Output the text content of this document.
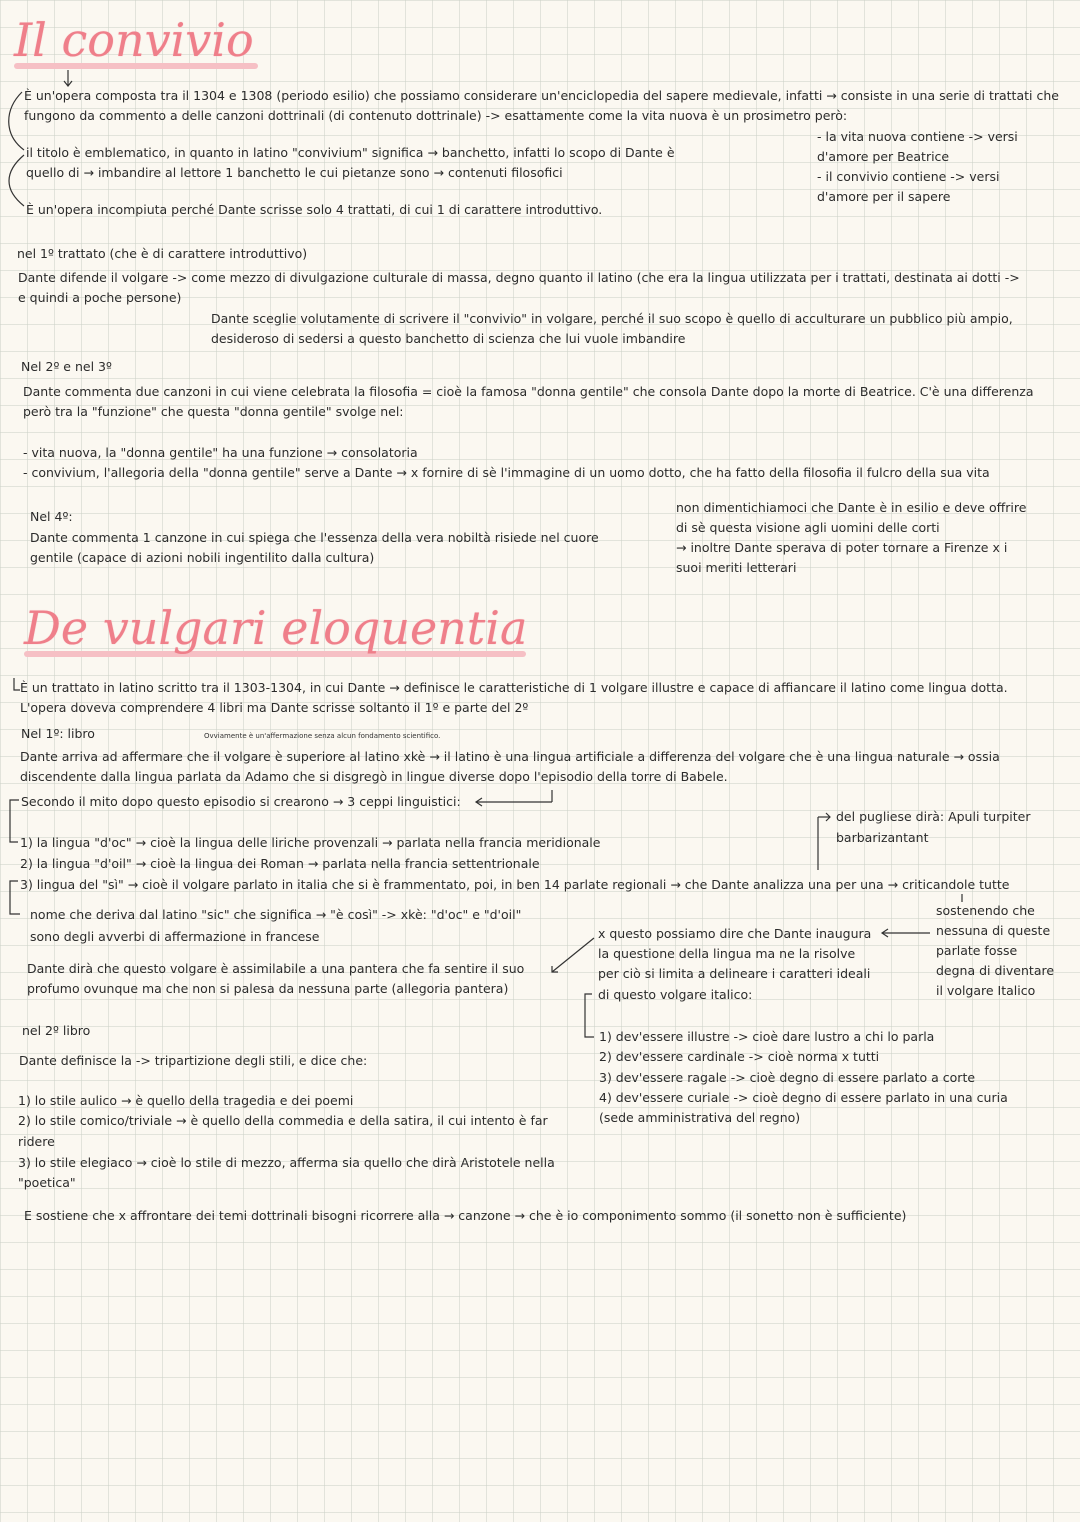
Il convivio
È un'opera composta tra il 1304 e 1308 (periodo esilio) che possiamo considerare un'enciclopedia del sapere medievale, infatti → consiste in una serie di trattati che
fungono da commento a delle canzoni dottrinali (di contenuto dottrinale) -> esattamente come la vita nuova è un prosimetro però:
- la vita nuova contiene -> versi
d'amore per Beatrice
- il convivio contiene -> versi
d'amore per il sapere
il titolo è emblematico, in quanto in latino "convivium" significa → banchetto, infatti lo scopo di Dante è
quello di → imbandire al lettore 1 banchetto le cui pietanze sono → contenuti filosofici
È un'opera incompiuta perché Dante scrisse solo 4 trattati, di cui 1 di carattere introduttivo.
nel 1º trattato (che è di carattere introduttivo)
Dante difende il volgare -> come mezzo di divulgazione culturale di massa, degno quanto il latino (che era la lingua utilizzata per i trattati, destinata ai dotti ->
e quindi a poche persone)
Dante sceglie volutamente di scrivere il "convivio" in volgare, perché il suo scopo è quello di acculturare un pubblico più ampio,
desideroso di sedersi a questo banchetto di scienza che lui vuole imbandire
Nel 2º e nel 3º
Dante commenta due canzoni in cui viene celebrata la filosofia = cioè la famosa "donna gentile" che consola Dante dopo la morte di Beatrice. C'è una differenza
però tra la "funzione" che questa "donna gentile" svolge nel:
- vita nuova, la "donna gentile" ha una funzione → consolatoria
- convivium, l'allegoria della "donna gentile" serve a Dante → x fornire di sè l'immagine di un uomo dotto, che ha fatto della filosofia il fulcro della sua vita
Nel 4º:
Dante commenta 1 canzone in cui spiega che l'essenza della vera nobiltà risiede nel cuore
gentile (capace di azioni nobili ingentilito dalla cultura)
non dimentichiamoci che Dante è in esilio e deve offrire
di sè questa visione agli uomini delle corti
→ inoltre Dante sperava di poter tornare a Firenze x i
suoi meriti letterari
De vulgari eloquentia
È un trattato in latino scritto tra il 1303-1304, in cui Dante → definisce le caratteristiche di 1 volgare illustre e capace di affiancare il latino come lingua dotta.
L'opera doveva comprendere 4 libri ma Dante scrisse soltanto il 1º e parte del 2º
Nel 1º: libro	Ovviamente è un'affermazione senza alcun fondamento scientifico.
Dante arriva ad affermare che il volgare è superiore al latino xkè → il latino è una lingua artificiale a differenza del volgare che è una lingua naturale → ossia
discendente dalla lingua parlata da Adamo che si disgregò in lingue diverse dopo l'episodio della torre di Babele.
Secondo il mito dopo questo episodio si crearono → 3 ceppi linguistici:
del pugliese dirà: Apuli turpiter
barbarizantant
1) la lingua "d'oc" → cioè la lingua delle liriche provenzali → parlata nella francia meridionale
2) la lingua "d'oil" → cioè la lingua dei Roman → parlata nella francia settentrionale
3) lingua del "sì" → cioè il volgare parlato in italia che si è frammentato, poi, in ben 14 parlate regionali → che Dante analizza una per una → criticandole tutte
nome che deriva dal latino "sic" che significa → "è così" -> xkè: "d'oc" e "d'oil"
sono degli avverbi di affermazione in francese
sostenendo che
nessuna di queste
parlate fosse
degna di diventare
il volgare Italico
Dante dirà che questo volgare è assimilabile a una pantera che fa sentire il suo
profumo ovunque ma che non si palesa da nessuna parte (allegoria pantera)
x questo possiamo dire che Dante inaugura
la questione della lingua ma ne la risolve
per ciò si limita a delineare i caratteri ideali
di questo volgare italico:
1) dev'essere illustre -> cioè dare lustro a chi lo parla
2) dev'essere cardinale -> cioè norma x tutti
3) dev'essere ragale -> cioè degno di essere parlato a corte
4) dev'essere curiale -> cioè degno di essere parlato in una curia
(sede amministrativa del regno)
nel 2º libro
Dante definisce la -> tripartizione degli stili, e dice che:
1) lo stile aulico → è quello della tragedia e dei poemi
2) lo stile comico/triviale → è quello della commedia e della satira, il cui intento è far
ridere
3) lo stile elegiaco → cioè lo stile di mezzo, afferma sia quello che dirà Aristotele nella
"poetica"
E sostiene che x affrontare dei temi dottrinali bisogni ricorrere alla → canzone → che è io componimento sommo (il sonetto non è sufficiente)
